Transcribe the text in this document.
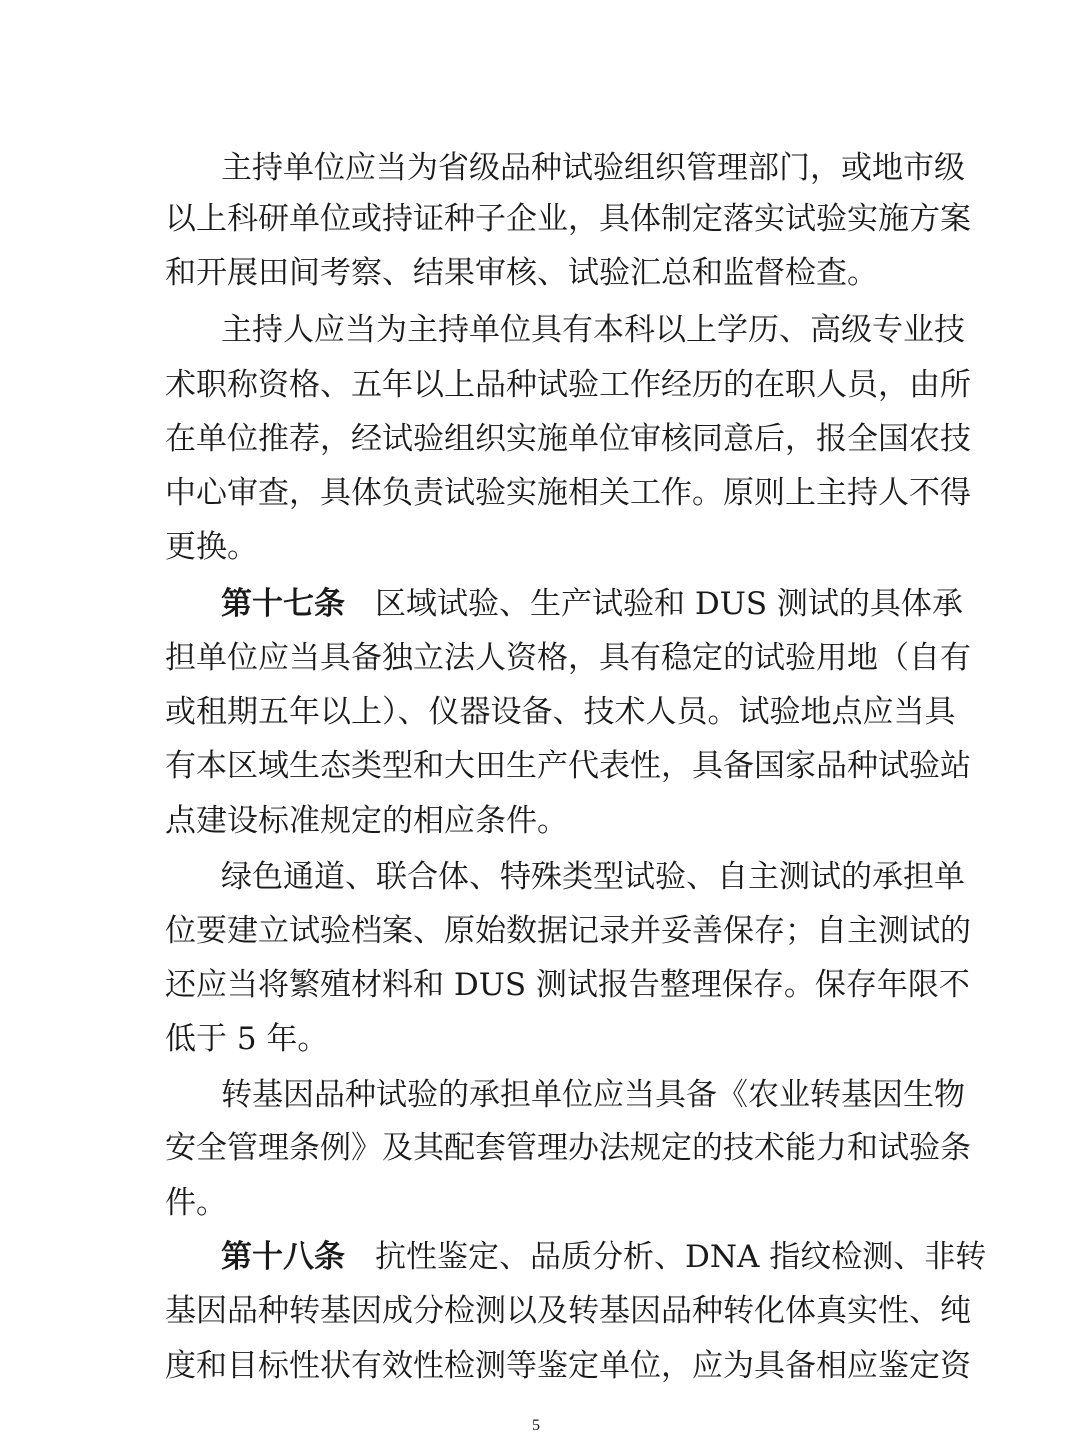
主持单位应当为省级品种试验组织管理部门，或地市级
以上科研单位或持证种子企业，具体制定落实试验实施方案
和开展田间考察、结果审核、试验汇总和监督检查。
主持人应当为主持单位具有本科以上学历、高级专业技
术职称资格、五年以上品种试验工作经历的在职人员，由所
在单位推荐，经试验组织实施单位审核同意后，报全国农技
中心审查，具体负责试验实施相关工作。原则上主持人不得
更换。
第十七条 区域试验、生产试验和 DUS 测试的具体承
担单位应当具备独立法人资格，具有稳定的试验用地（自有
或租期五年以上）、仪器设备、技术人员。试验地点应当具
有本区域生态类型和大田生产代表性，具备国家品种试验站
点建设标准规定的相应条件。
绿色通道、联合体、特殊类型试验、自主测试的承担单
位要建立试验档案、原始数据记录并妥善保存；自主测试的
还应当将繁殖材料和 DUS 测试报告整理保存。保存年限不
低于 5 年。
转基因品种试验的承担单位应当具备《农业转基因生物
安全管理条例》及其配套管理办法规定的技术能力和试验条
件。
第十八条 抗性鉴定、品质分析、DNA 指纹检测、非转
基因品种转基因成分检测以及转基因品种转化体真实性、纯
度和目标性状有效性检测等鉴定单位，应为具备相应鉴定资
5
